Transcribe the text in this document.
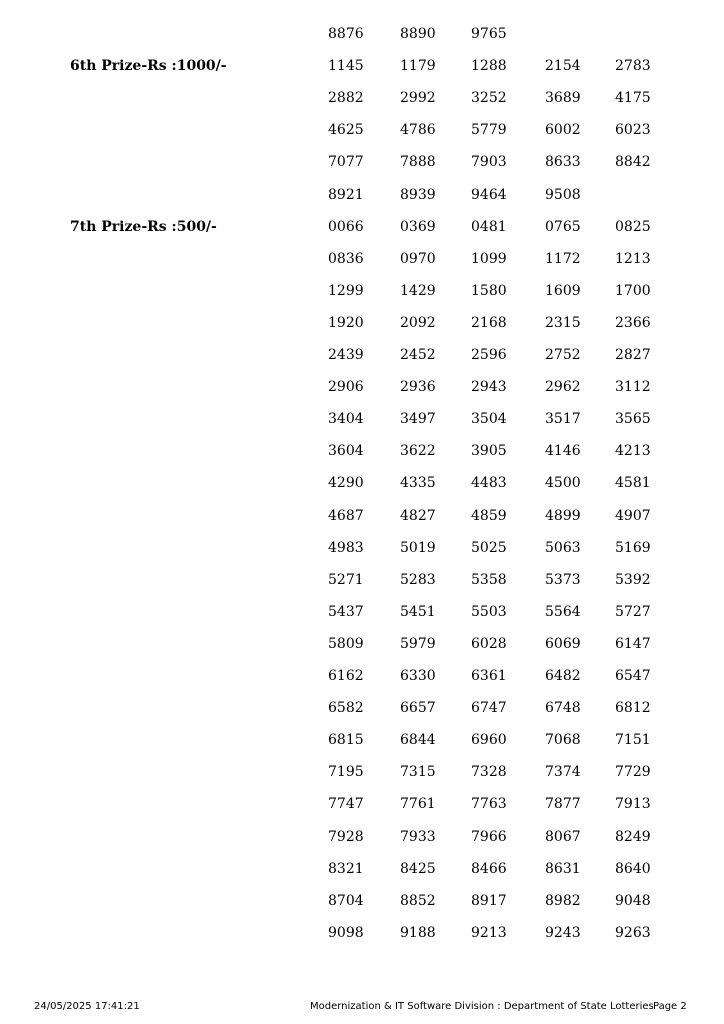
8876	8890	9765
6th Prize-Rs :1000/-	1145	1179	1288	2154 2783
2882	2992	3252	3689 4175
4625	4786	5779	6002 6023
7077	7888	7903	8633 8842
8921	8939	9464	9508
7th Prize-Rs :500/-	0066	0369	0481	0765 0825
0836	0970	1099	1172 1213
1299	1429	1580	1609 1700
1920	2092	2168	2315 2366
2439	2452	2596	2752 2827
2906	2936	2943	2962 3112
3404	3497	3504	3517 3565
3604	3622	3905	4146 4213
4290	4335	4483	4500 4581
4687	4827	4859	4899 4907
4983	5019	5025	5063 5169
5271	5283	5358	5373 5392
5437	5451	5503	5564 5727
5809	5979	6028	6069 6147
6162	6330	6361	6482 6547
6582	6657	6747	6748 6812
6815	6844	6960	7068 7151
7195	7315	7328	7374 7729
7747	7761	7763	7877 7913
7928	7933	7966	8067 8249
8321	8425	8466	8631 8640
8704	8852	8917	8982 9048
9098	9188	9213	9243 9263
24/05/2025 17:41:21	Modernization & IT Software Division : Department of State Lotteries Page 2
